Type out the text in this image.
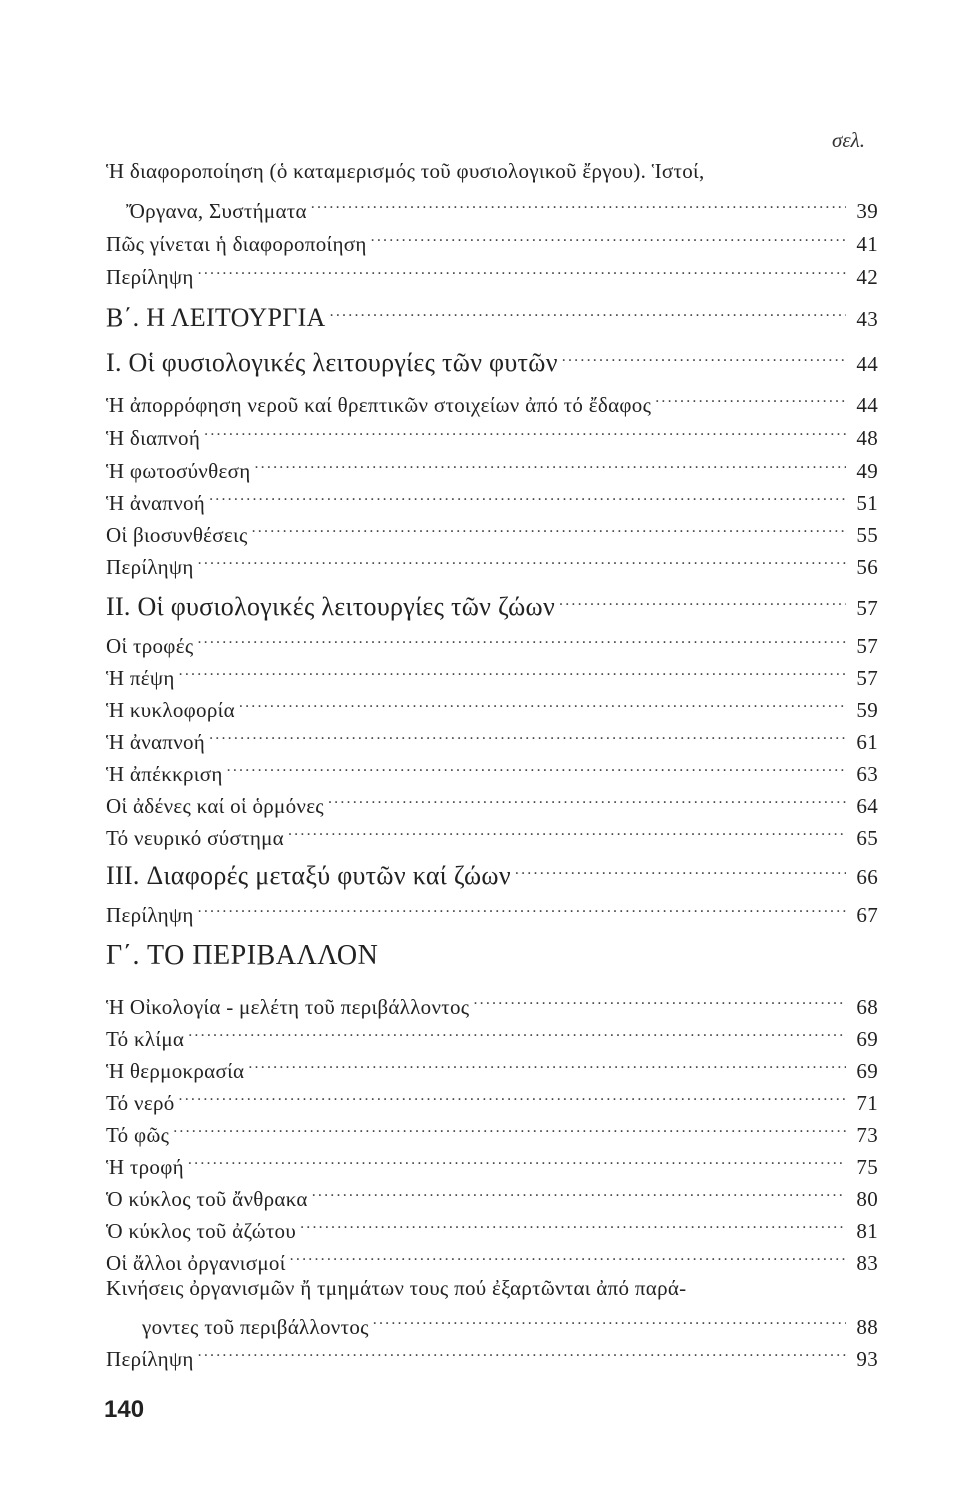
σελ.
Ἡ διαφοροποίηση (ὁ καταμερισμός τοῦ φυσιολογικοῦ ἔργου). Ἱστοί,
Ὄργανα, Συστήματα .....	39
Πῶς γίνεται ἡ διαφοροποίηση .....	41
Περίληψη .....	42
Β΄. Η ΛΕΙΤΟΥΡΓΙΑ .....	43
I. Οἱ φυσιολογικές λειτουργίες τῶν φυτῶν .....	44
Ἡ ἀπορρόφηση νεροῦ καί θρεπτικῶν στοιχείων ἀπό τό ἔδαφος .....	44
Ἡ διαπνοή .....	48
Ἡ φωτοσύνθεση .....	49
Ἡ ἀναπνοή .....	51
Οἱ βιοσυνθέσεις .....	55
Περίληψη .....	56
II. Οἱ φυσιολογικές λειτουργίες τῶν ζώων .....	57
Οἱ τροφές .....	57
Ἡ πέψη .....	57
Ἡ κυκλοφορία .....	59
Ἡ ἀναπνοή .....	61
Ἡ ἀπέκκριση .....	63
Οἱ ἀδένες καί οἱ ὁρμόνες .....	64
Τό νευρικό σύστημα .....	65
III. Διαφορές μεταξύ φυτῶν καί ζώων .....	66
Περίληψη .....	67
Γ΄. ΤΟ ΠΕΡΙΒΑΛΛΟΝ
Ἡ Οἰκολογία - μελέτη τοῦ περιβάλλοντος .....	68
Τό κλίμα .....	69
Ἡ θερμοκρασία .....	69
Τό νερό .....	71
Τό φῶς .....	73
Ἡ τροφή .....	75
Ὁ κύκλος τοῦ ἄνθρακα .....	80
Ὁ κύκλος τοῦ ἀζώτου .....	81
Οἱ ἄλλοι ὀργανισμοί .....	83
Κινήσεις ὀργανισμῶν ἤ τμημάτων τους πού ἐξαρτῶνται ἀπό παρά-
γοντες τοῦ περιβάλλοντος .....	88
Περίληψη .....	93
140
